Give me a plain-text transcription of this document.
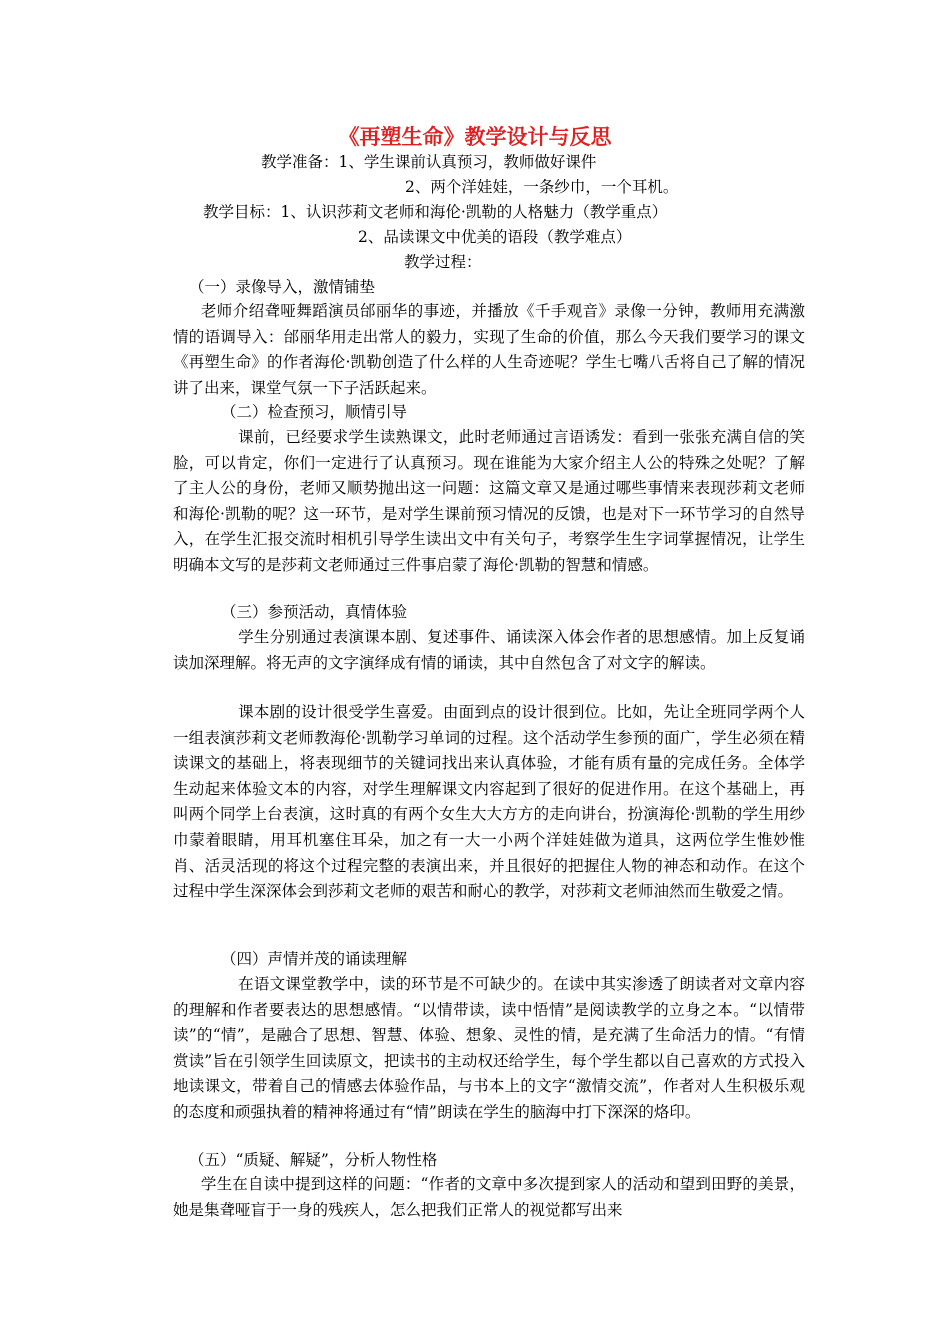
《再塑生命》教学设计与反思
教学准备：1、学生课前认真预习，教师做好课件
2、两个洋娃娃，一条纱巾，一个耳机。
教学目标：1、认识莎莉文老师和海伦·凯勒的人格魅力（教学重点）
2、品读课文中优美的语段（教学难点）
教学过程：
（一）录像导入，激情铺垫

老师介绍聋哑舞蹈演员邰丽华的事迹，并播放《千手观音》录像一分钟，教师用充满激情的语调导入：邰丽华用走出常人的毅力，实现了生命的价值，那么今天我们要学习的课文《再塑生命》的作者海伦·凯勒创造了什么样的人生奇迹呢？学生七嘴八舌将自己了解的情况讲了出来，课堂气氛一下子活跃起来。

（二）检查预习，顺情引导

课前，已经要求学生读熟课文，此时老师通过言语诱发：看到一张张充满自信的笑脸，可以肯定，你们一定进行了认真预习。现在谁能为大家介绍主人公的特殊之处呢？了解了主人公的身份，老师又顺势抛出这一问题：这篇文章又是通过哪些事情来表现莎莉文老师和海伦·凯勒的呢？这一环节，是对学生课前预习情况的反馈，也是对下一环节学习的自然导入，在学生汇报交流时相机引导学生读出文中有关句子，考察学生生字词掌握情况，让学生明确本文写的是莎莉文老师通过三件事启蒙了海伦·凯勒的智慧和情感。

（三）参预活动，真情体验

学生分别通过表演课本剧、复述事件、诵读深入体会作者的思想感情。加上反复诵读加深理解。将无声的文字演绎成有情的诵读，其中自然包含了对文字的解读。

课本剧的设计很受学生喜爱。由面到点的设计很到位。比如，先让全班同学两个人一组表演莎莉文老师教海伦·凯勒学习单词的过程。这个活动学生参预的面广，学生必须在精读课文的基础上，将表现细节的关键词找出来认真体验，才能有质有量的完成任务。全体学生动起来体验文本的内容，对学生理解课文内容起到了很好的促进作用。在这个基础上，再叫两个同学上台表演，这时真的有两个女生大大方方的走向讲台，扮演海伦·凯勒的学生用纱巾蒙着眼睛，用耳机塞住耳朵，加之有一大一小两个洋娃娃做为道具，这两位学生惟妙惟肖、活灵活现的将这个过程完整的表演出来，并且很好的把握住人物的神态和动作。在这个过程中学生深深体会到莎莉文老师的艰苦和耐心的教学，对莎莉文老师油然而生敬爱之情。

（四）声情并茂的诵读理解

在语文课堂教学中，读的环节是不可缺少的。在读中其实渗透了朗读者对文章内容的理解和作者要表达的思想感情。“以情带读，读中悟情”是阅读教学的立身之本。“以情带读”的“情”，是融合了思想、智慧、体验、想象、灵性的情，是充满了生命活力的情。“有情赏读”旨在引领学生回读原文，把读书的主动权还给学生，每个学生都以自己喜欢的方式投入地读课文，带着自己的情感去体验作品，与书本上的文字“激情交流”，作者对人生积极乐观的态度和顽强执着的精神将通过有“情”朗读在学生的脑海中打下深深的烙印。

（五）“质疑、解疑”，分析人物性格

学生在自读中提到这样的问题：“作者的文章中多次提到家人的活动和望到田野的美景，她是集聋哑盲于一身的残疾人，怎么把我们正常人的视觉都写出来
